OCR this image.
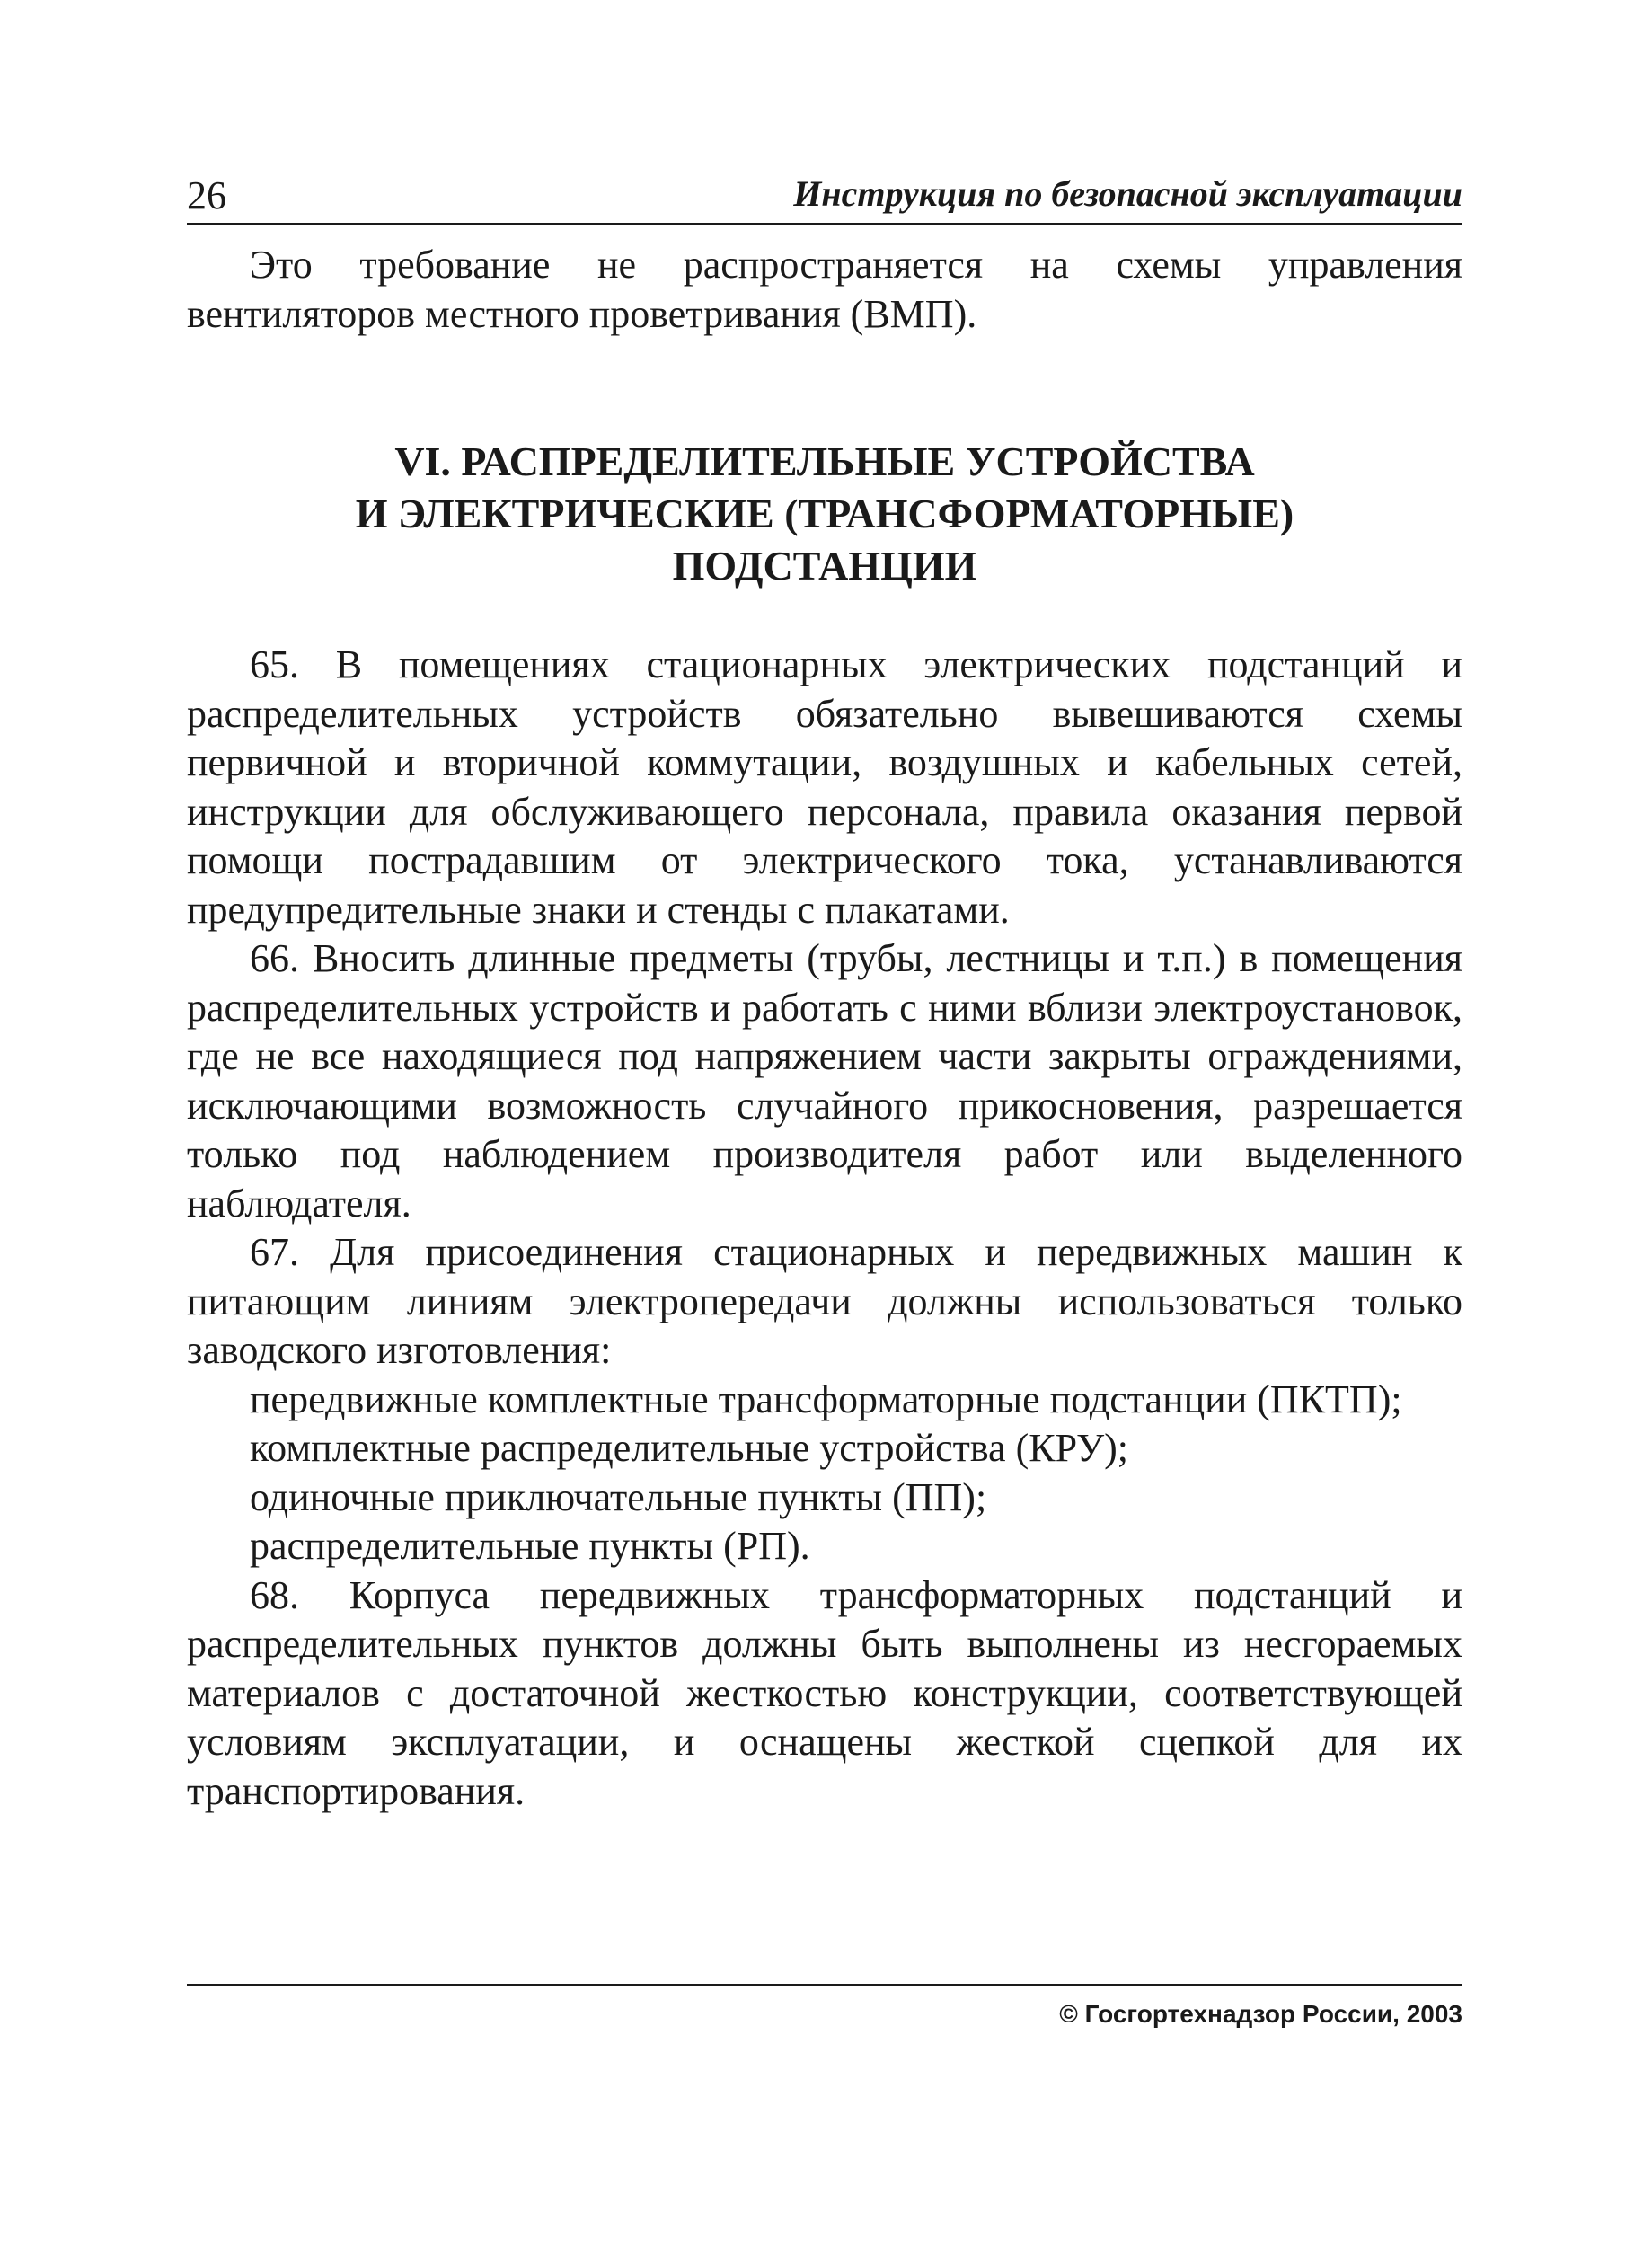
26	Инструкция по безопасной эксплуатации

Это требование не распространяется на схемы управления вентиляторов местного проветривания (ВМП).

VI. РАСПРЕДЕЛИТЕЛЬНЫЕ УСТРОЙСТВА
И ЭЛЕКТРИЧЕСКИЕ (ТРАНСФОРМАТОРНЫЕ)
ПОДСТАНЦИИ

65. В помещениях стационарных электрических подстанций и распределительных устройств обязательно вывешиваются схемы первичной и вторичной коммутации, воздушных и кабельных сетей, инструкции для обслуживающего персонала, правила оказания первой помощи пострадавшим от электрического тока, устанавливаются предупредительные знаки и стенды с плакатами.

66. Вносить длинные предметы (трубы, лестницы и т.п.) в помещения распределительных устройств и работать с ними вблизи электроустановок, где не все находящиеся под напряжением части закрыты ограждениями, исключающими возможность случайного прикосновения, разрешается только под наблюдением производителя работ или выделенного наблюдателя.

67. Для присоединения стационарных и передвижных машин к питающим линиям электропередачи должны использоваться только заводского изготовления:

передвижные комплектные трансформаторные подстанции (ПКТП);

комплектные распределительные устройства (КРУ);

одиночные приключательные пункты (ПП);

распределительные пункты (РП).

68. Корпуса передвижных трансформаторных подстанций и распределительных пунктов должны быть выполнены из несгораемых материалов с достаточной жесткостью конструкции, соответствующей условиям эксплуатации, и оснащены жесткой сцепкой для их транспортирования.

© Госгортехнадзор России, 2003
